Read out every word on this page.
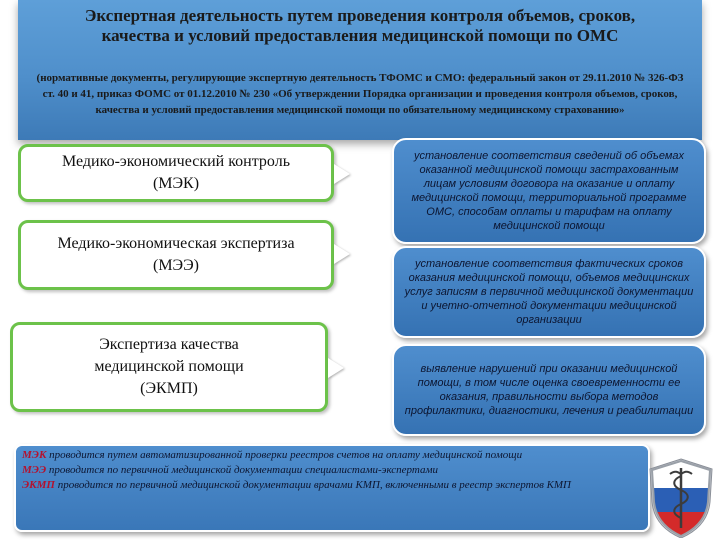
Экспертная деятельность путем проведения контроля объемов, сроков,
качества и условий предоставления медицинской помощи по ОМС
(нормативные документы, регулирующие экспертную деятельность ТФОМС и СМО: федеральный закон от 29.11.2010 № 326-ФЗ ст. 40 и 41, приказ ФОМС от 01.12.2010 № 230 «Об утверждении Порядка организации и проведения контроля объемов, сроков, качества и условий предоставления медицинской помощи по обязательному медицинскому страхованию»
Медико-экономический контроль
(МЭК)
Медико-экономическая экспертиза
(МЭЭ)
Экспертиза качества
медицинской помощи
(ЭКМП)
установление соответствия сведений об объемах оказанной медицинской помощи застрахованным лицам условиям договора на оказание и оплату медицинской помощи, территориальной программе ОМС, способам оплаты и тарифам на оплату медицинской помощи
установление соответствия фактических сроков оказания медицинской помощи, объемов медицинских услуг записям в первичной медицинской документации и учетно-отчетной документации медицинской организации
выявление нарушений при оказании медицинской помощи, в том числе оценка своевременности ее оказания, правильности выбора методов профилактики, диагностики, лечения и реабилитации

МЭК проводится путем автоматизированной проверки реестров счетов на оплату медицинской помощи

МЭЭ проводится по первичной медицинской документации специалистами-экспертами

ЭКМП проводится по первичной медицинской документации врачами КМП, включенными в реестр экспертов КМП
